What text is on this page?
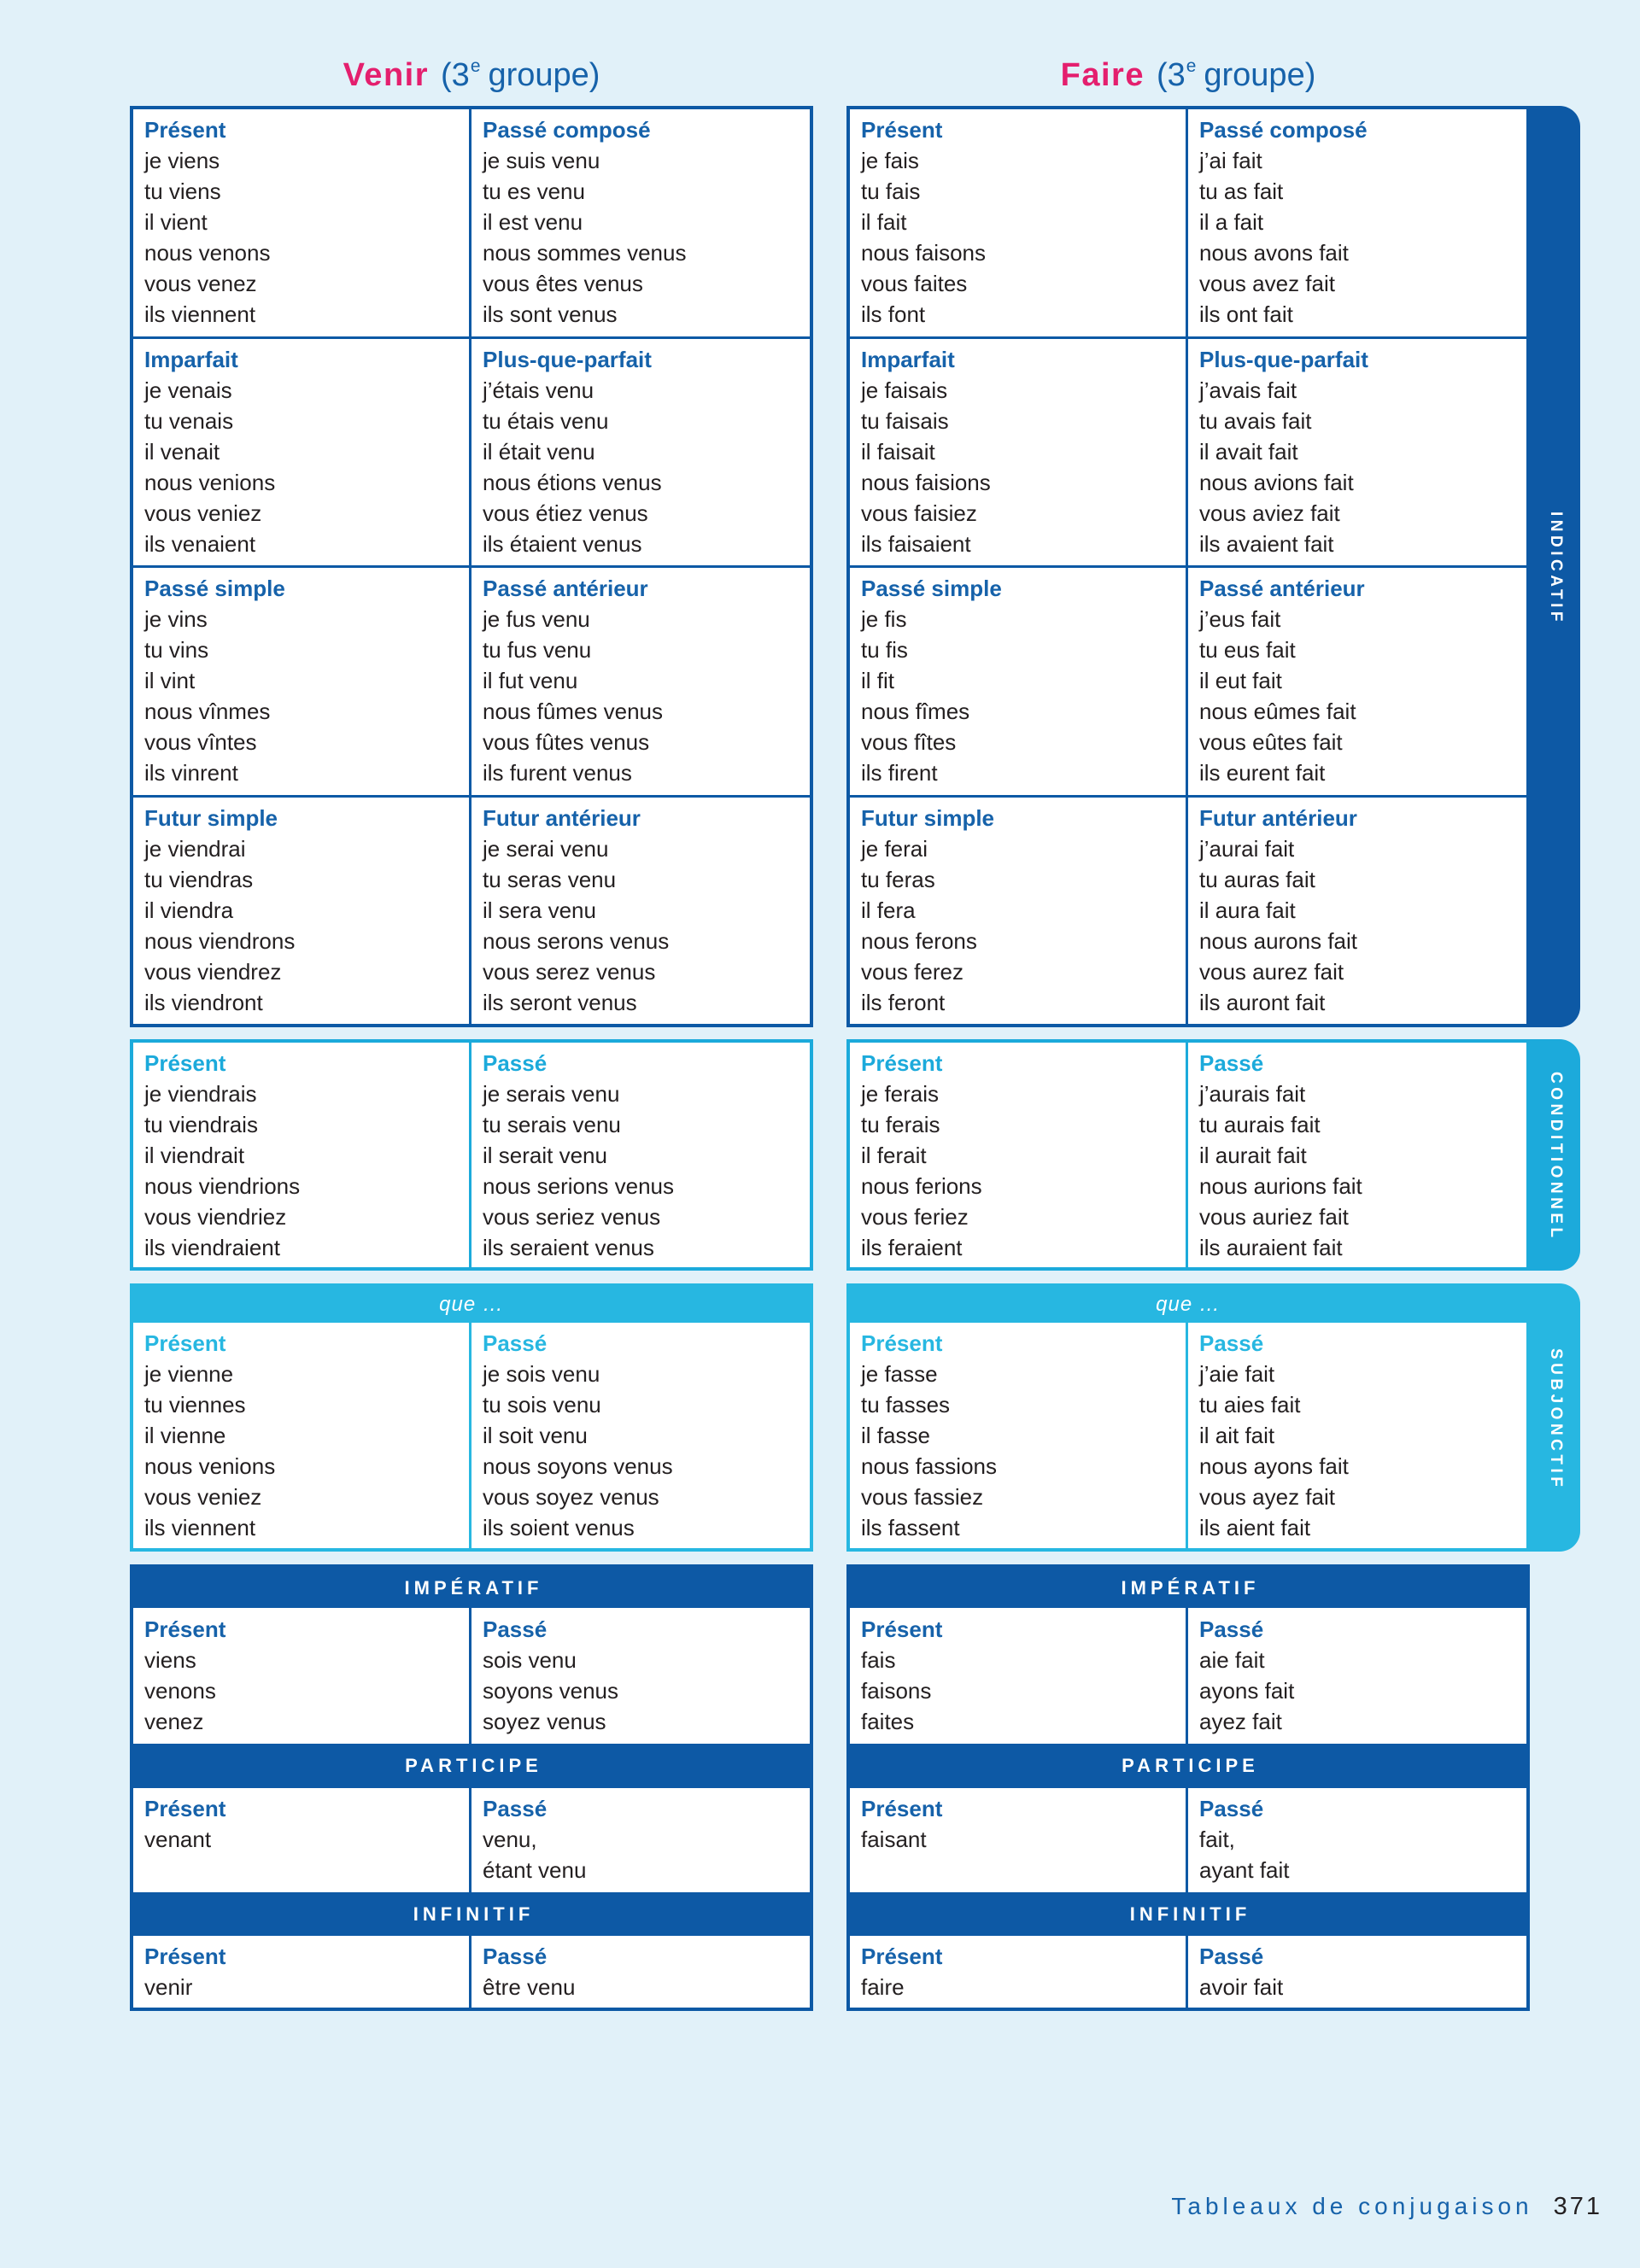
INDICATIF
CONDITIONNEL
SUBJONCTIF
Tableaux de conjugaison 371
Venir (3e groupe)
Présent
je viens
tu viens
il vient
nous venons
vous venez
ils viennent
Passé composé
je suis venu
tu es venu
il est venu
nous sommes venus
vous êtes venus
ils sont venus
Imparfait
je venais
tu venais
il venait
nous venions
vous veniez
ils venaient
Plus-que-parfait
j’étais venu
tu étais venu
il était venu
nous étions venus
vous étiez venus
ils étaient venus
Passé simple
je vins
tu vins
il vint
nous vînmes
vous vîntes
ils vinrent
Passé antérieur
je fus venu
tu fus venu
il fut venu
nous fûmes venus
vous fûtes venus
ils furent venus
Futur simple
je viendrai
tu viendras
il viendra
nous viendrons
vous viendrez
ils viendront
Futur antérieur
je serai venu
tu seras venu
il sera venu
nous serons venus
vous serez venus
ils seront venus
Présent
je viendrais
tu viendrais
il viendrait
nous viendrions
vous viendriez
ils viendraient
Passé
je serais venu
tu serais venu
il serait venu
nous serions venus
vous seriez venus
ils seraient venus
que …
Présent
je vienne
tu viennes
il vienne
nous venions
vous veniez
ils viennent
Passé
je sois venu
tu sois venu
il soit venu
nous soyons venus
vous soyez venus
ils soient venus
IMPÉRATIF
Présent
viens
venons
venez
Passé
sois venu
soyons venus
soyez venus
PARTICIPE
Présent
venant
Passé
venu,
étant venu
INFINITIF
Présent
venir
Passé
être venu
Faire (3e groupe)
Présent
je fais
tu fais
il fait
nous faisons
vous faites
ils font
Passé composé
j’ai fait
tu as fait
il a fait
nous avons fait
vous avez fait
ils ont fait
Imparfait
je faisais
tu faisais
il faisait
nous faisions
vous faisiez
ils faisaient
Plus-que-parfait
j’avais fait
tu avais fait
il avait fait
nous avions fait
vous aviez fait
ils avaient fait
Passé simple
je fis
tu fis
il fit
nous fîmes
vous fîtes
ils firent
Passé antérieur
j’eus fait
tu eus fait
il eut fait
nous eûmes fait
vous eûtes fait
ils eurent fait
Futur simple
je ferai
tu feras
il fera
nous ferons
vous ferez
ils feront
Futur antérieur
j’aurai fait
tu auras fait
il aura fait
nous aurons fait
vous aurez fait
ils auront fait
Présent
je ferais
tu ferais
il ferait
nous ferions
vous feriez
ils feraient
Passé
j’aurais fait
tu aurais fait
il aurait fait
nous aurions fait
vous auriez fait
ils auraient fait
que …
Présent
je fasse
tu fasses
il fasse
nous fassions
vous fassiez
ils fassent
Passé
j’aie fait
tu aies fait
il ait fait
nous ayons fait
vous ayez fait
ils aient fait
IMPÉRATIF
Présent
fais
faisons
faites
Passé
aie fait
ayons fait
ayez fait
PARTICIPE
Présent
faisant
Passé
fait,
ayant fait
INFINITIF
Présent
faire
Passé
avoir fait
